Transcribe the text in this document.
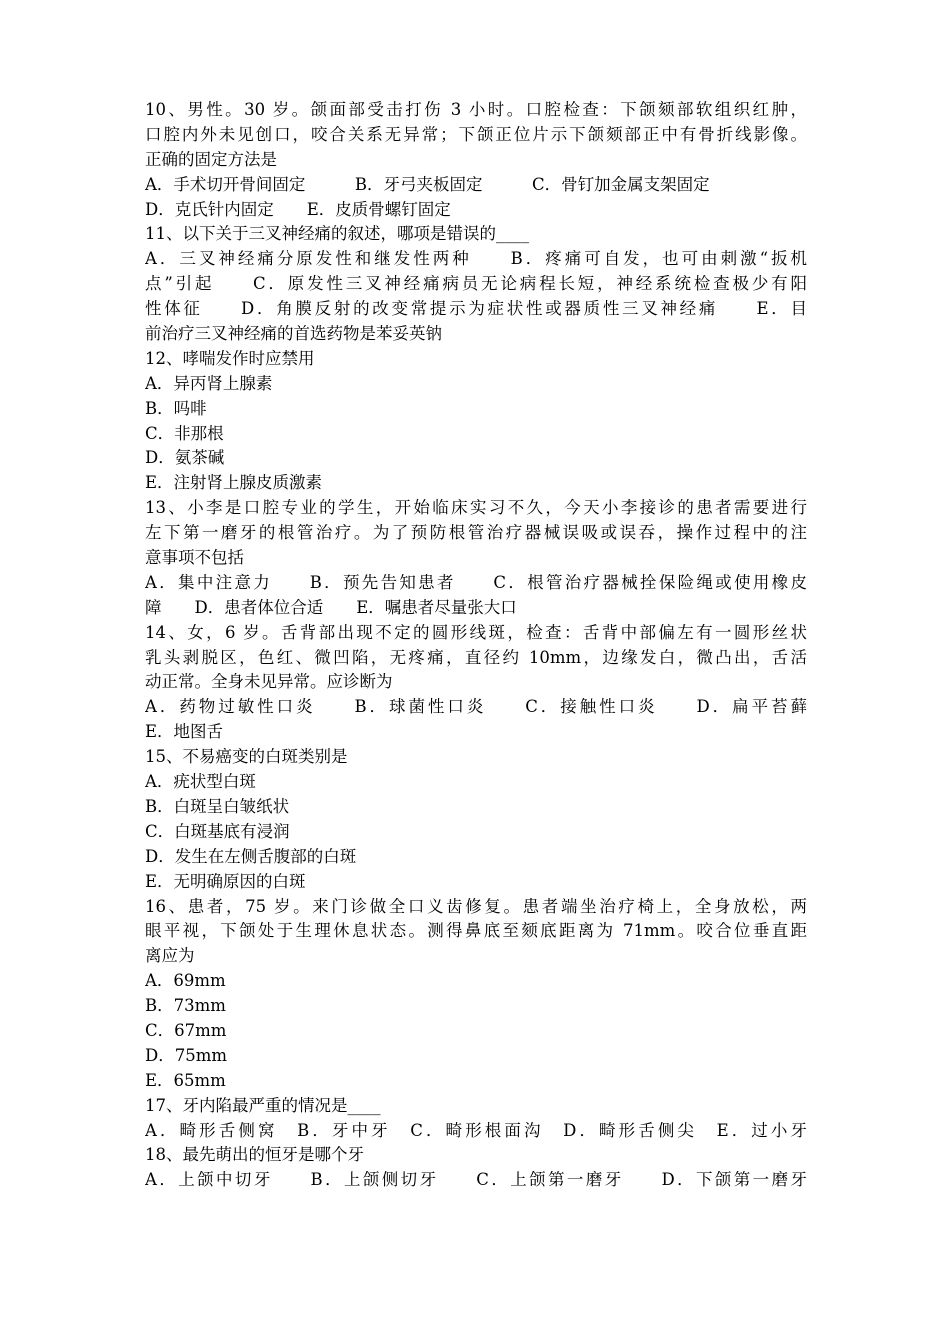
10、男性。30 岁。颌面部受击打伤 3 小时。口腔检查：下颌颏部软组织红肿，
口腔内外未见创口，咬合关系无异常；下颌正位片示下颌颏部正中有骨折线影像。
正确的固定方法是
A．手术切开骨间固定　　　B．牙弓夹板固定　　　C．骨钉加金属支架固定
D．克氏针内固定　　E．皮质骨螺钉固定
11、以下关于三叉神经痛的叙述，哪项是错误的____
A．三叉神经痛分原发性和继发性两种　　B．疼痛可自发，也可由刺激“扳机
点”引起　　C．原发性三叉神经痛病员无论病程长短，神经系统检查极少有阳
性体征　　D．角膜反射的改变常提示为症状性或器质性三叉神经痛　　E．目
前治疗三叉神经痛的首选药物是苯妥英钠
12、哮喘发作时应禁用
A．异丙肾上腺素
B．吗啡
C．非那根
D．氨茶碱
E．注射肾上腺皮质激素
13、小李是口腔专业的学生，开始临床实习不久，今天小李接诊的患者需要进行
左下第一磨牙的根管治疗。为了预防根管治疗器械误吸或误吞，操作过程中的注
意事项不包括
A．集中注意力　　B．预先告知患者　　C．根管治疗器械拴保险绳或使用橡皮
障　　D．患者体位合适　　E．嘱患者尽量张大口
14、女，6 岁。舌背部出现不定的圆形线斑，检查：舌背中部偏左有一圆形丝状
乳头剥脱区，色红、微凹陷，无疼痛，直径约 10mm，边缘发白，微凸出，舌活
动正常。全身未见异常。应诊断为
A．药物过敏性口炎　　B．球菌性口炎　　C．接触性口炎　　D．扁平苔藓
E．地图舌
15、不易癌变的白斑类别是
A．疣状型白斑
B．白斑呈白皱纸状
C．白斑基底有浸润
D．发生在左侧舌腹部的白斑
E．无明确原因的白斑
16、患者，75 岁。来门诊做全口义齿修复。患者端坐治疗椅上，全身放松，两
眼平视，下颌处于生理休息状态。测得鼻底至颏底距离为 71mm。咬合位垂直距
离应为
A．69mm
B．73mm
C．67mm
D．75mm
E．65mm
17、牙内陷最严重的情况是____
A．畸形舌侧窝　B．牙中牙　C．畸形根面沟　D．畸形舌侧尖　E．过小牙
18、最先萌出的恒牙是哪个牙
A．上颌中切牙　　B．上颌侧切牙　　C．上颌第一磨牙　　D．下颌第一磨牙
